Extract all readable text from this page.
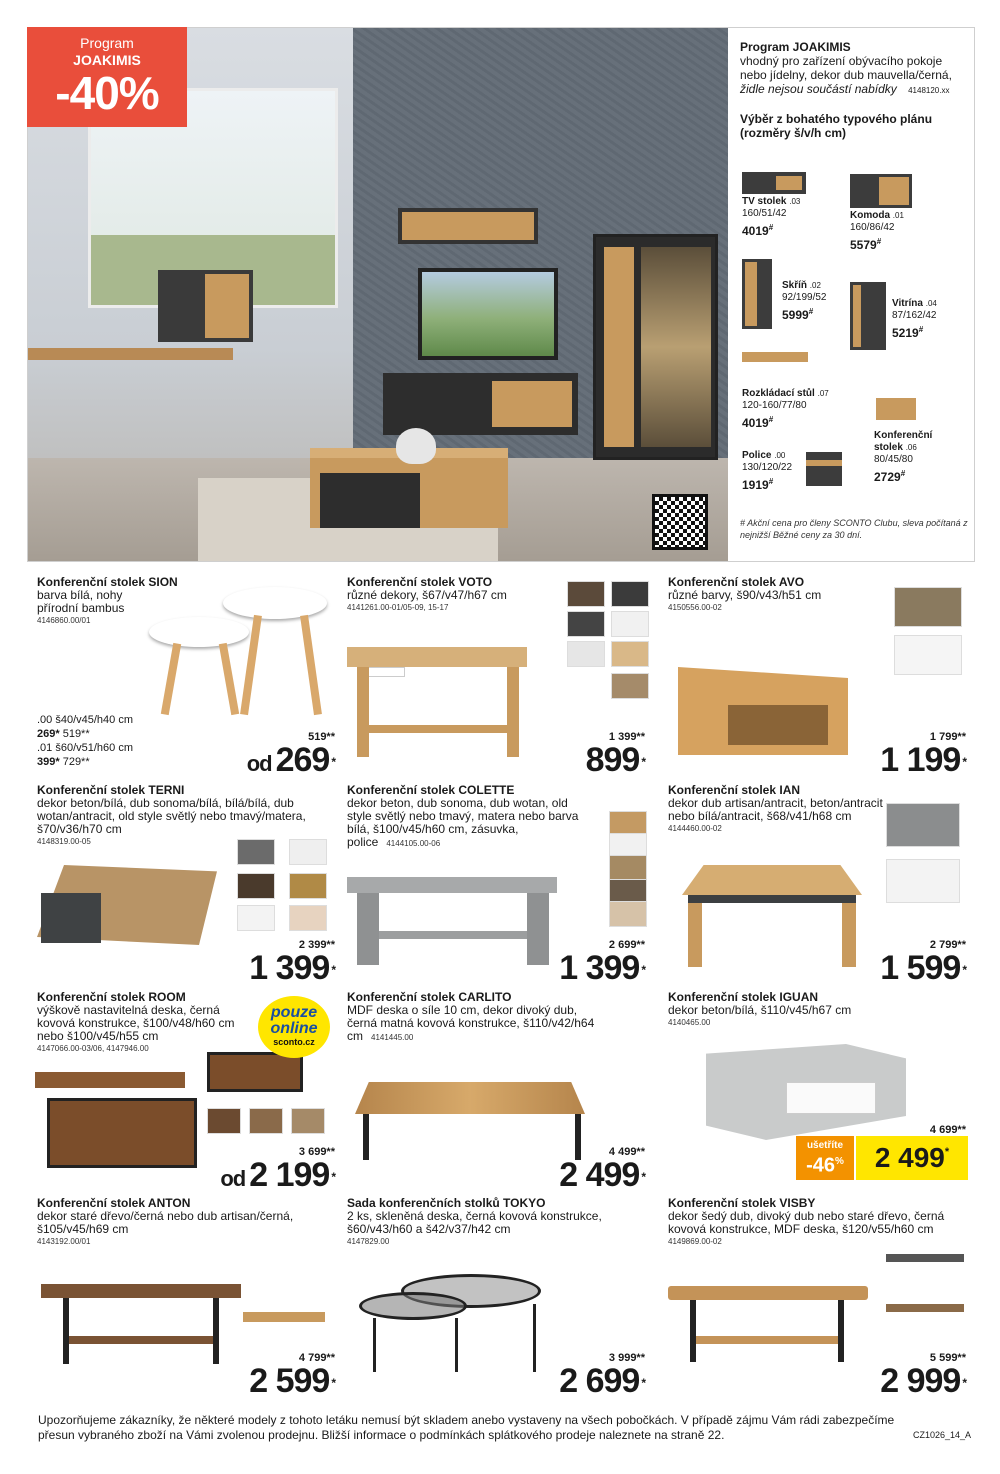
Program
JOAKIMIS
-40%
Program JOAKIMIS
vhodný pro zařízení obývacího pokoje nebo jídelny, dekor dub mauvella/černá, židle nejsou součástí nabídky 4148120.xx
Výběr z bohatého typového plánu (rozměry š/v/h cm)
TV stolek .03
160/51/42
4019#
Komoda .01
160/86/42
5579#
Skříň .02
92/199/52
5999#
Vitrína .04
87/162/42
5219#
Rozkládací stůl .07
120-160/77/80
4019#
Konferenční stolek .06
80/45/80
2729#
Police .00
130/120/22
1919#
# Akční cena pro členy SCONTO Clubu, sleva počítaná z nejnižší Běžné ceny za 30 dní.
Konferenční stolek SION
barva bílá, nohy přírodní bambus
4146860.00/01
.00 š40/v45/h40 cm
269* 519**
.01 š60/v51/h60 cm
399* 729**
519**
od 269 *
Konferenční stolek VOTO
různé dekory, š67/v47/h67 cm
4141261.00-01/05-09, 15-17
1 399**
899 *
Konferenční stolek AVO
různé barvy, š90/v43/h51 cm
4150556.00-02
1 799**
1 199 *
Konferenční stolek TERNI
dekor beton/bílá, dub sonoma/bílá, bílá/bílá, dub wotan/antracit, old style světlý nebo tmavý/matera, š70/v36/h70 cm
4148319.00-05
2 399**
1 399 *
Konferenční stolek COLETTE
dekor beton, dub sonoma, dub wotan, old style světlý nebo tmavý, matera nebo barva bílá, š100/v45/h60 cm, zásuvka, police 4144105.00-06
2 699**
1 399 *
Konferenční stolek IAN
dekor dub artisan/antracit, beton/antracit nebo bílá/antracit, š68/v41/h68 cm
4144460.00-02
2 799**
1 599 *
Konferenční stolek ROOM
výškově nastavitelná deska, černá kovová konstrukce, š100/v48/h60 cm nebo š100/v45/h55 cm
4147066.00-03/06, 4147946.00
3 699**
od 2 199 *
pouze
online
sconto.cz
Konferenční stolek CARLITO
MDF deska o síle 10 cm, dekor divoký dub, černá matná kovová konstrukce, š110/v42/h64 cm 4141445.00
4 499**
2 499 *
Konferenční stolek IGUAN
dekor beton/bílá, š110/v45/h67 cm
4140465.00
4 699**
ušetříte
-46%	2 499*
Konferenční stolek ANTON
dekor staré dřevo/černá nebo dub artisan/černá, š105/v45/h69 cm
4143192.00/01
4 799**
2 599 *
Sada konferenčních stolků TOKYO
2 ks, skleněná deska, černá kovová konstrukce, š60/v43/h60 a š42/v37/h42 cm
4147829.00
3 999**
2 699 *
Konferenční stolek VISBY
dekor šedý dub, divoký dub nebo staré dřevo, černá kovová konstrukce, MDF deska, š120/v55/h60 cm
4149869.00-02
5 599**
2 999 *
Upozorňujeme zákazníky, že některé modely z tohoto letáku nemusí být skladem anebo vystaveny na všech pobočkách. V případě zájmu Vám rádi zabezpečíme přesun vybraného zboží na Vámi zvolenou prodejnu. Bližší informace o podmínkách splátkového prodeje naleznete na straně 22.	CZ1026_14_A
